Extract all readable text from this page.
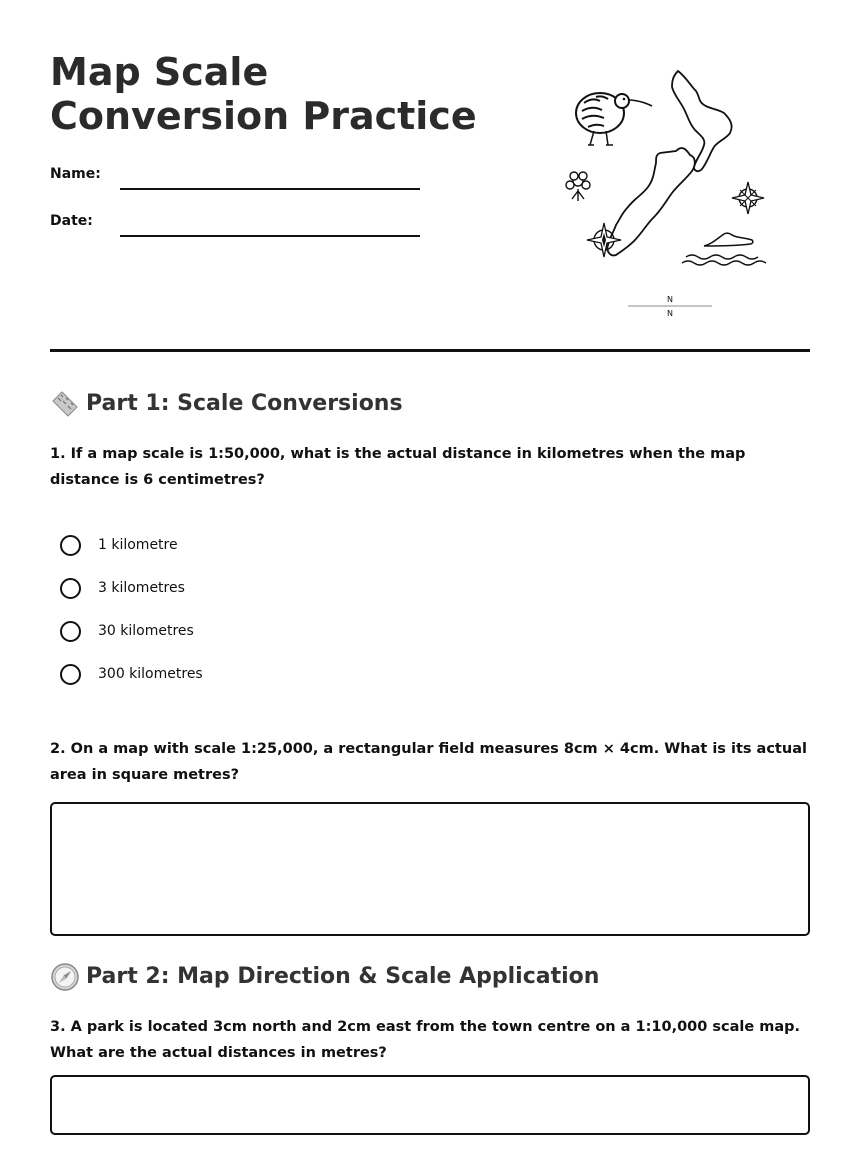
Map Scale Conversion Practice
Name:
Date:
N
N
Part 1: Scale Conversions

1. If a map scale is 1:50,000, what is the actual distance in kilometres when the map distance is 6 centimetres?

1 kilometre
3 kilometres
30 kilometres
300 kilometres

2. On a map with scale 1:25,000, a rectangular field measures 8cm × 4cm. What is its actual area in square metres?

Part 2: Map Direction & Scale Application

3. A park is located 3cm north and 2cm east from the town centre on a 1:10,000 scale map. What are the actual distances in metres?
